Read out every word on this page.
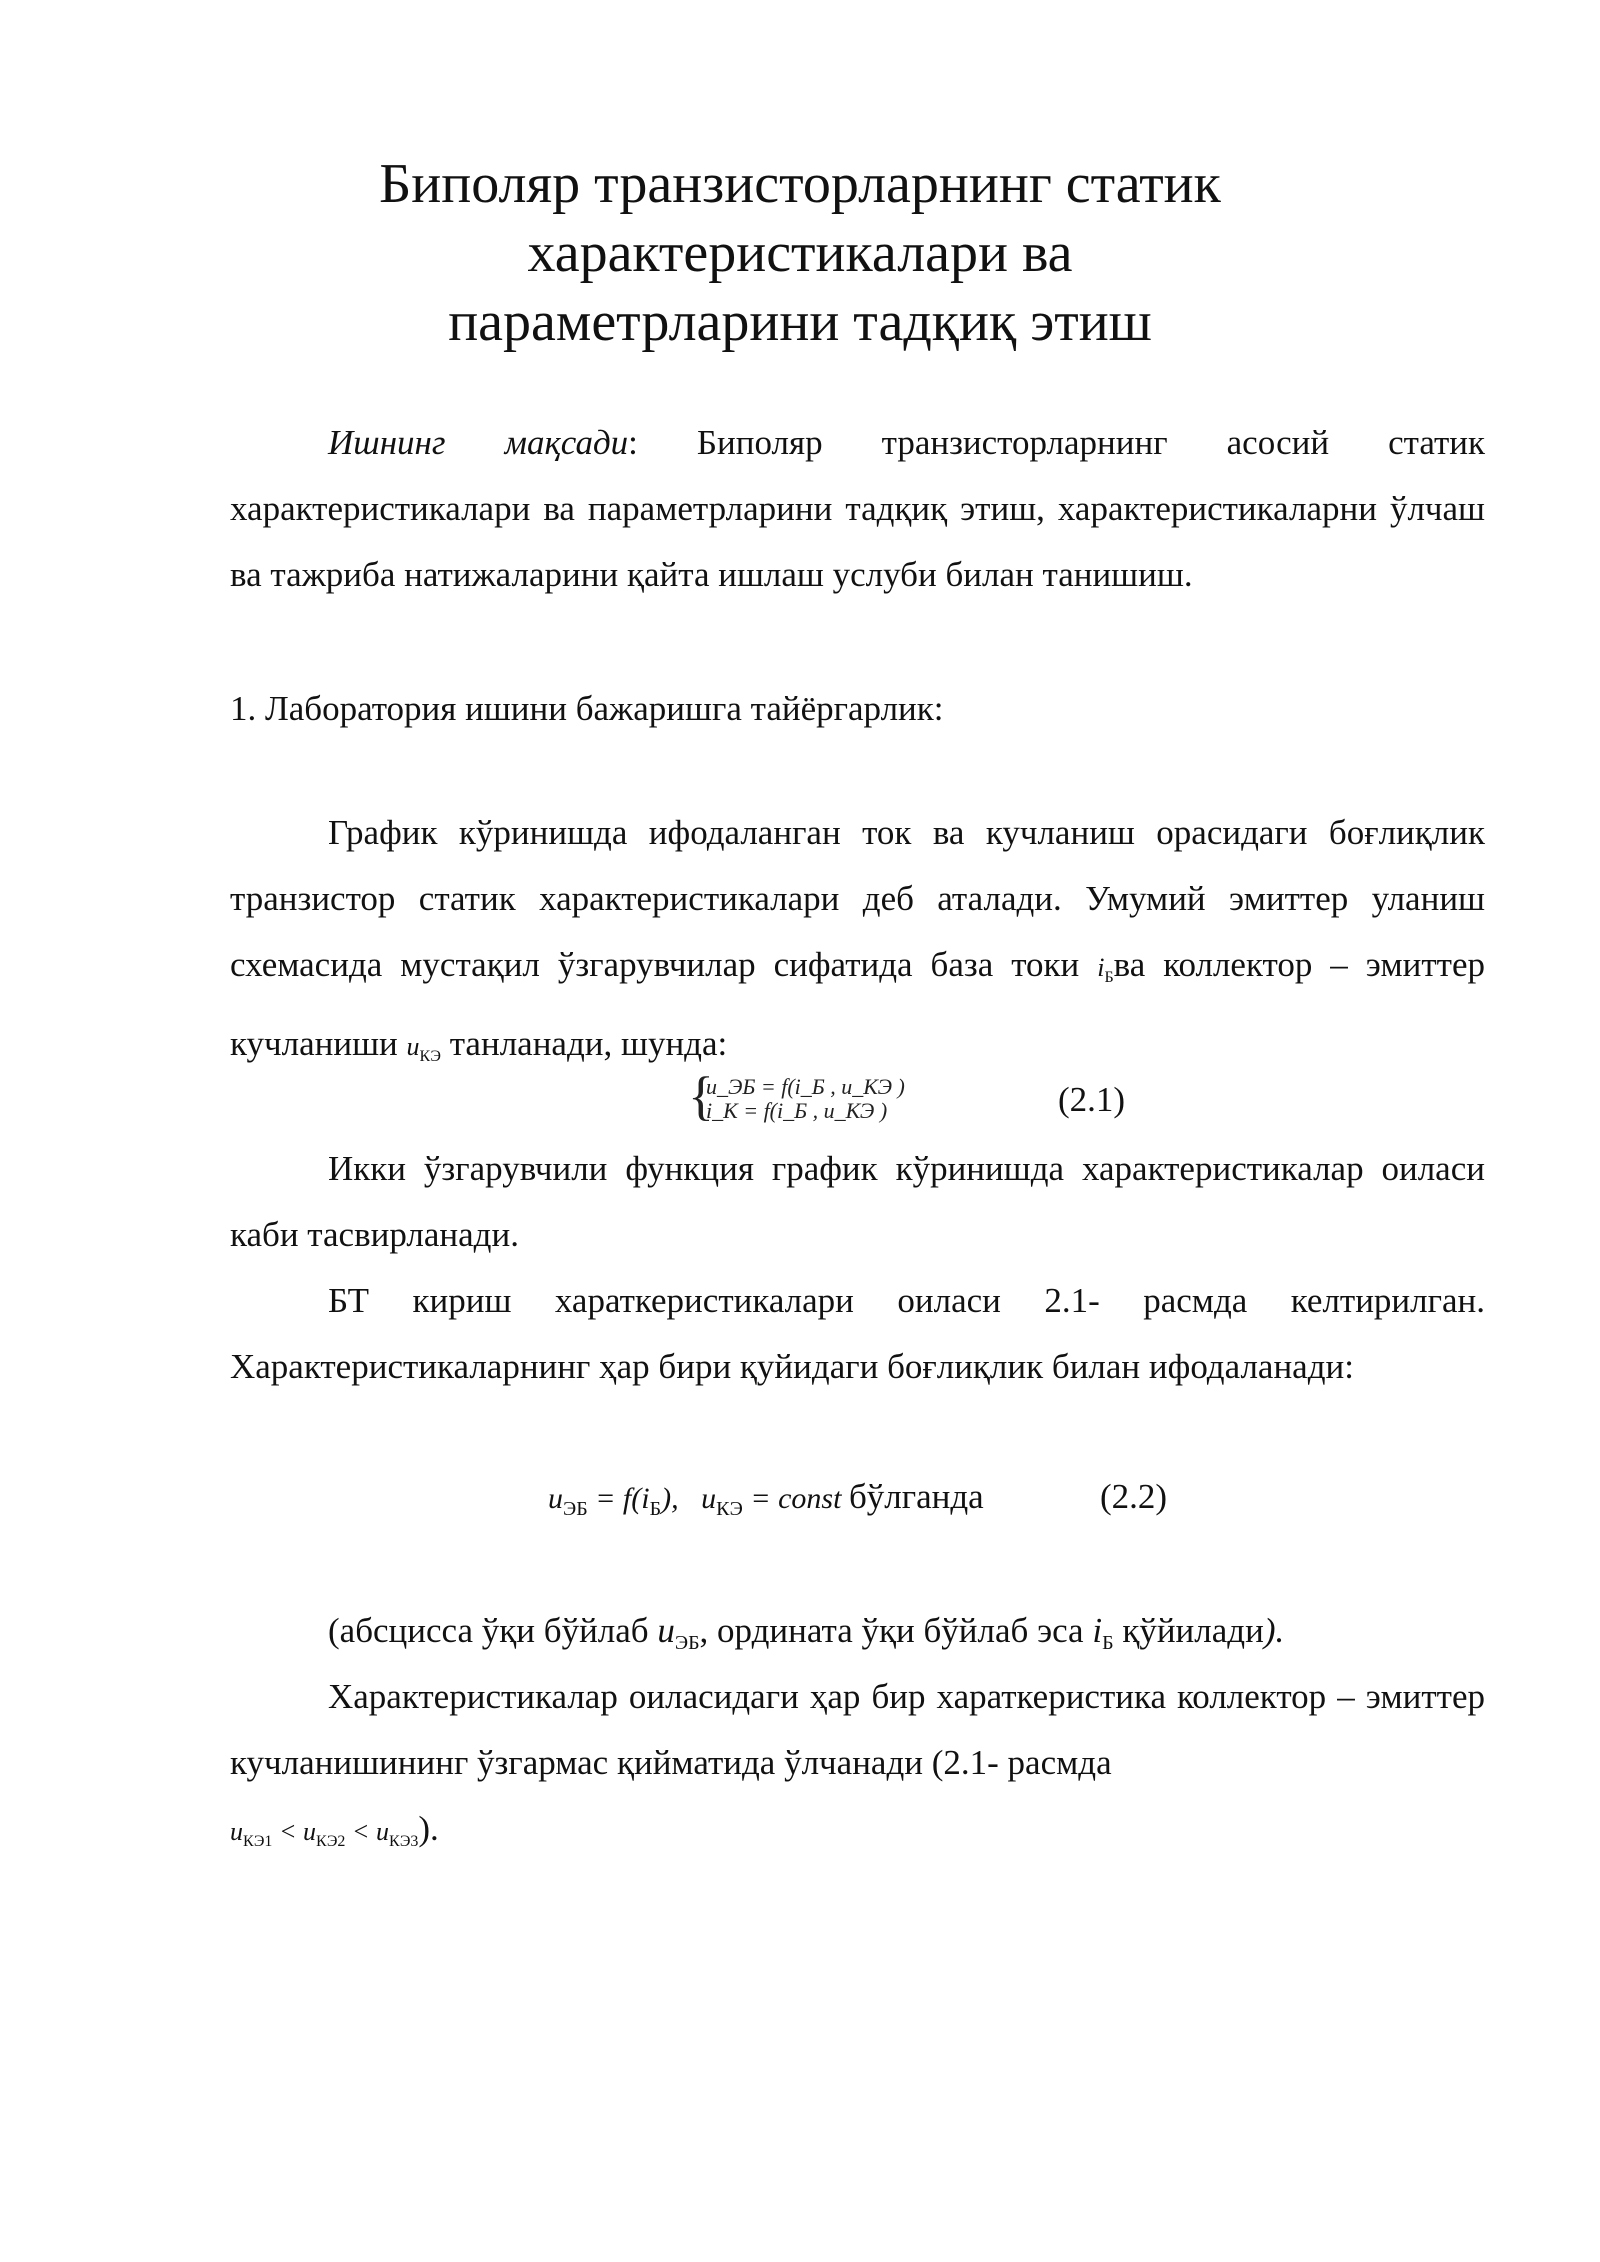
Биполяр транзисторларнинг статик
характеристикалари ва
параметрларини тадқиқ этиш
Ишнинг мақсади: Биполяр транзисторларнинг асосий статик характеристикалари ва параметрларини тадқиқ этиш, характеристикаларни ўлчаш ва тажриба натижаларини қайта ишлаш услуби билан танишиш.
1. Лаборатория ишини бажаришга тайёргарлик:
График кўринишда ифодаланган ток ва кучланиш орасидаги боғлиқлик транзистор статик характеристикалари деб аталади. Умумий эмиттер уланиш схемасида мустақил ўзгарувчилар сифатида база токи $i_Бва$ коллектор – эмиттер кучланиши $u_{КЭ}$ танланади, шунда:
{
u_ЭБ = f(i_Б , u_КЭ )
i_К = f(i_Б , u_КЭ )	(2.1)
Икки ўзгарувчили функция график кўринишда характеристикалар оиласи каби тасвирланади.
БТ кириш хараткеристикалари оиласи 2.1- расмда келтирилган. Характеристикаларнинг ҳар бири қуйидаги боғлиқлик билан ифодаланади:
$u_{ЭБ} = f(i_Б)$, $u_{КЭ}$ = const бўлганда	(2.2)
(абсцисса ўқи бўйлаб $u_{ЭБ}$, ордината ўқи бўйлаб эса $i_Б$ қўйилади).
Характеристикалар оиласидаги ҳар бир хараткеристика коллектор – эмиттер кучланишининг ўзгармас қийматида ўлчанади (2.1- расмда
$u_{КЭ1} < u_{КЭ2} < u_{КЭ3}$).
